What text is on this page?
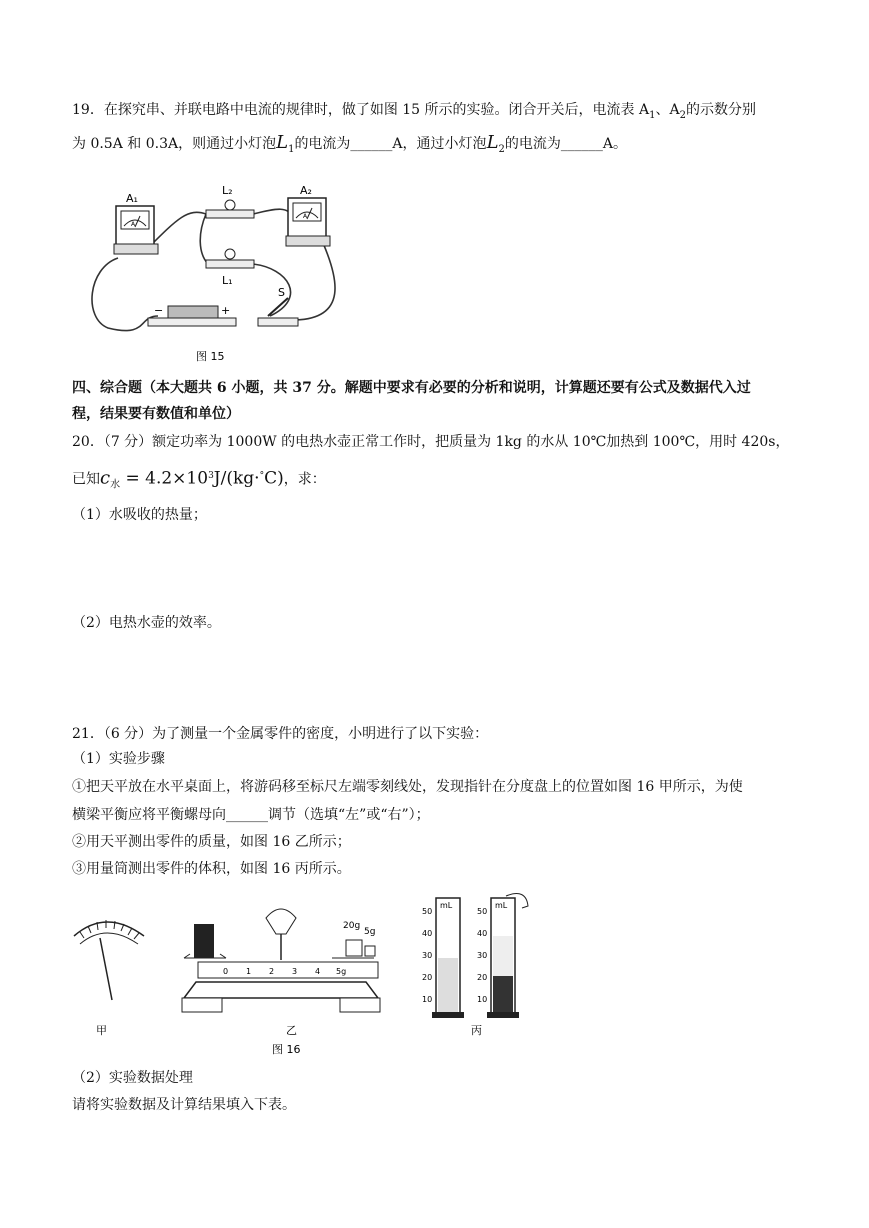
19．在探究串、并联电路中电流的规律时，做了如图 15 所示的实验。闭合开关后，电流表 $A_1$、$A_2$的示数分别
为 0.5A 和 0.3A，则通过小灯泡$L_1$的电流为______A，通过小灯泡$L_2$的电流为______A。
A
A₁
A
A₂
L₂
L₁
−	+
S
图 15
四、综合题（本大题共 6 小题，共 37 分。解题中要求有必要的分析和说明，计算题还要有公式及数据代入过
程，结果要有数值和单位）
20．（7 分）额定功率为 1000W 的电热水壶正常工作时，把质量为 1kg 的水从 10℃加热到 100℃，用时 420s，
已知$c_水 = 4.2\times 10^3J/(kg\cdot^\circ C)$，求：
（1）水吸收的热量；
（2）电热水壶的效率。
21．（6 分）为了测量一个金属零件的密度，小明进行了以下实验：
（1）实验步骤
①把天平放在水平桌面上，将游码移至标尺左端零刻线处，发现指针在分度盘上的位置如图 16 甲所示，为使
横梁平衡应将平衡螺母向______调节（选填“左”或“右”）；
②用天平测出零件的质量，如图 16 乙所示；
③用量筒测出零件的体积，如图 16 丙所示。
甲
20g
5g
0 1 2 3 4 5g
乙
mL
50
40
30
20
10
mL
50
40
30
20
10
丙
图 16
（2）实验数据处理
请将实验数据及计算结果填入下表。
